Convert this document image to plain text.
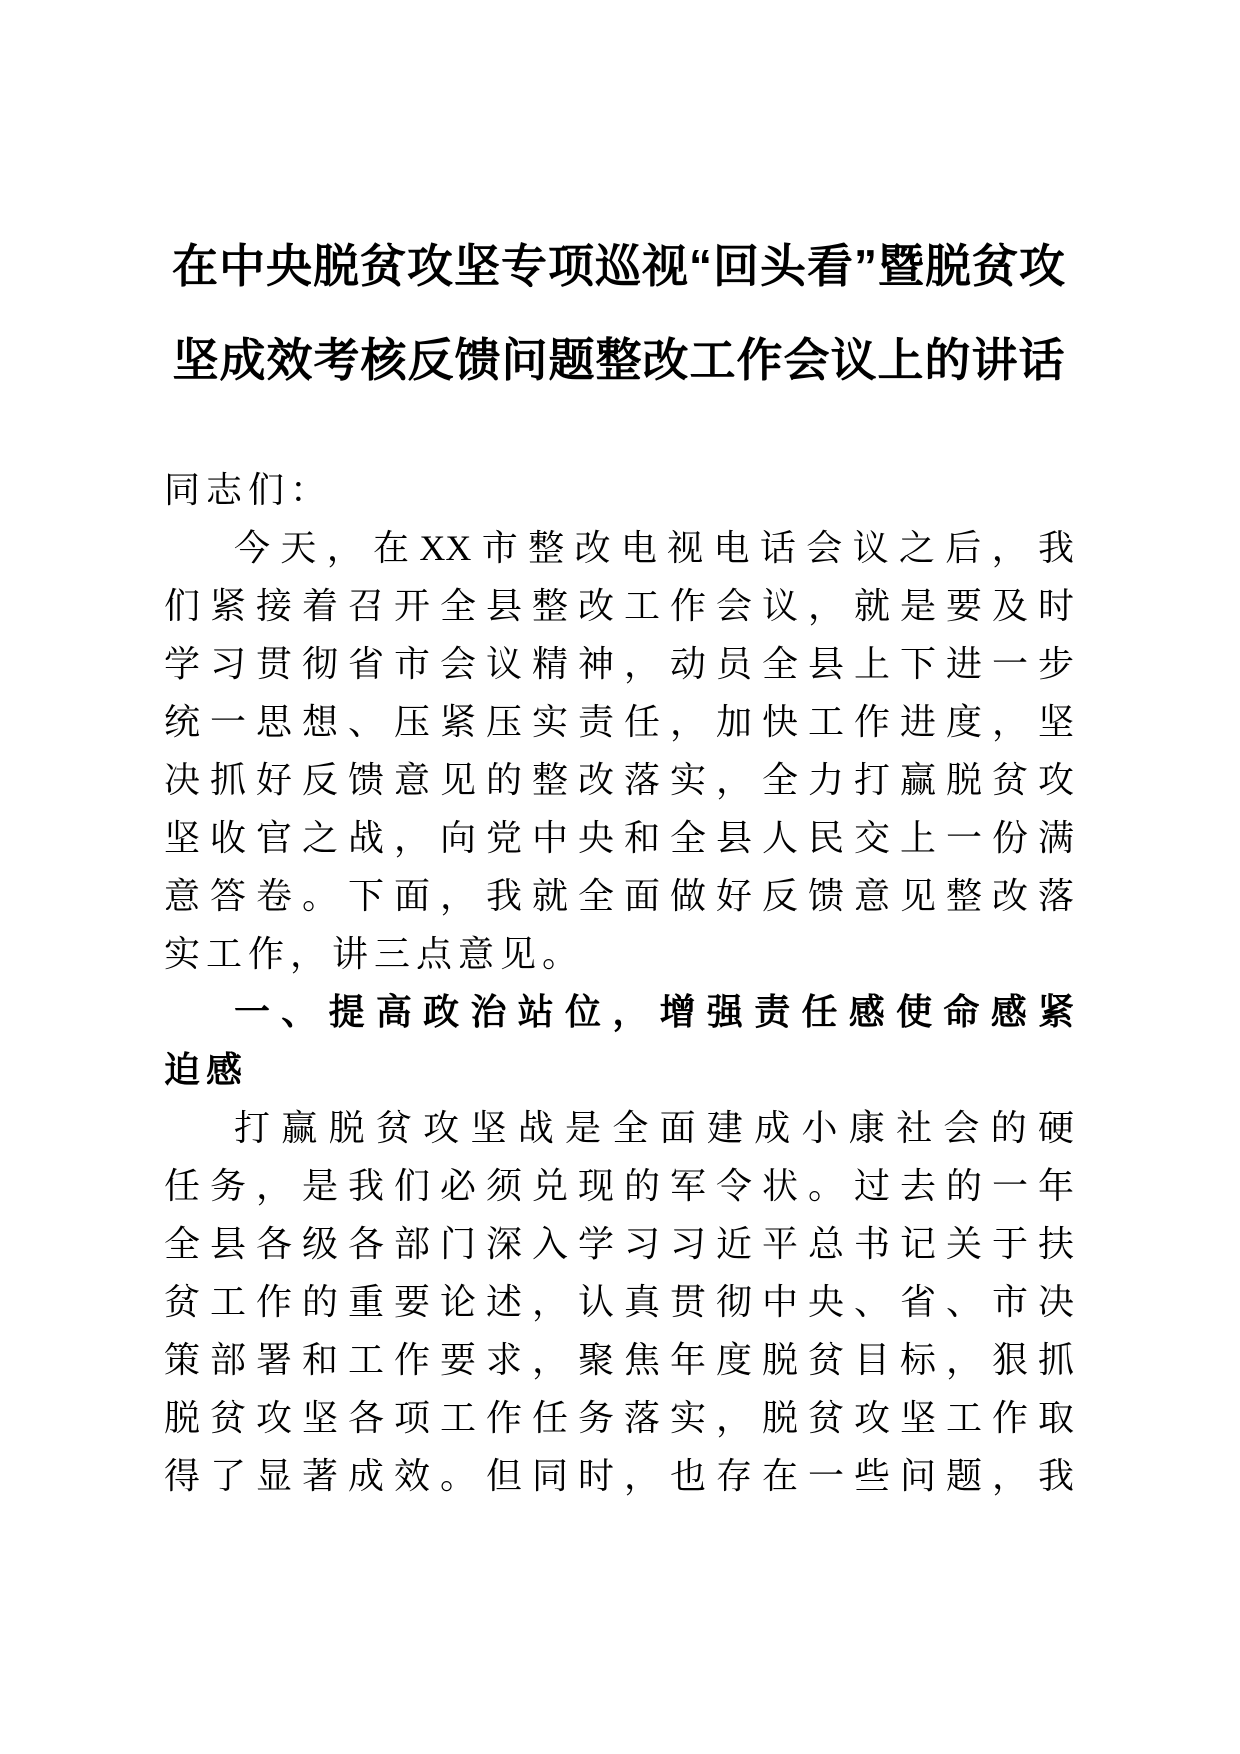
在中央脱贫攻坚专项巡视“回头看”暨脱贫攻
坚成效考核反馈问题整改工作会议上的讲话

同志们：

今天，在XX市整改电视电话会议之后，我

们紧接着召开全县整改工作会议，就是要及时

学习贯彻省市会议精神，动员全县上下进一步

统一思想、压紧压实责任，加快工作进度，坚

决抓好反馈意见的整改落实，全力打赢脱贫攻

坚收官之战，向党中央和全县人民交上一份满

意答卷。下面，我就全面做好反馈意见整改落

实工作，讲三点意见。

一、提高政治站位，增强责任感使命感紧

迫感

打赢脱贫攻坚战是全面建成小康社会的硬

任务，是我们必须兑现的军令状。过去的一年

全县各级各部门深入学习习近平总书记关于扶

贫工作的重要论述，认真贯彻中央、省、市决

策部署和工作要求，聚焦年度脱贫目标，狠抓

脱贫攻坚各项工作任务落实，脱贫攻坚工作取

得了显著成效。但同时，也存在一些问题，我
